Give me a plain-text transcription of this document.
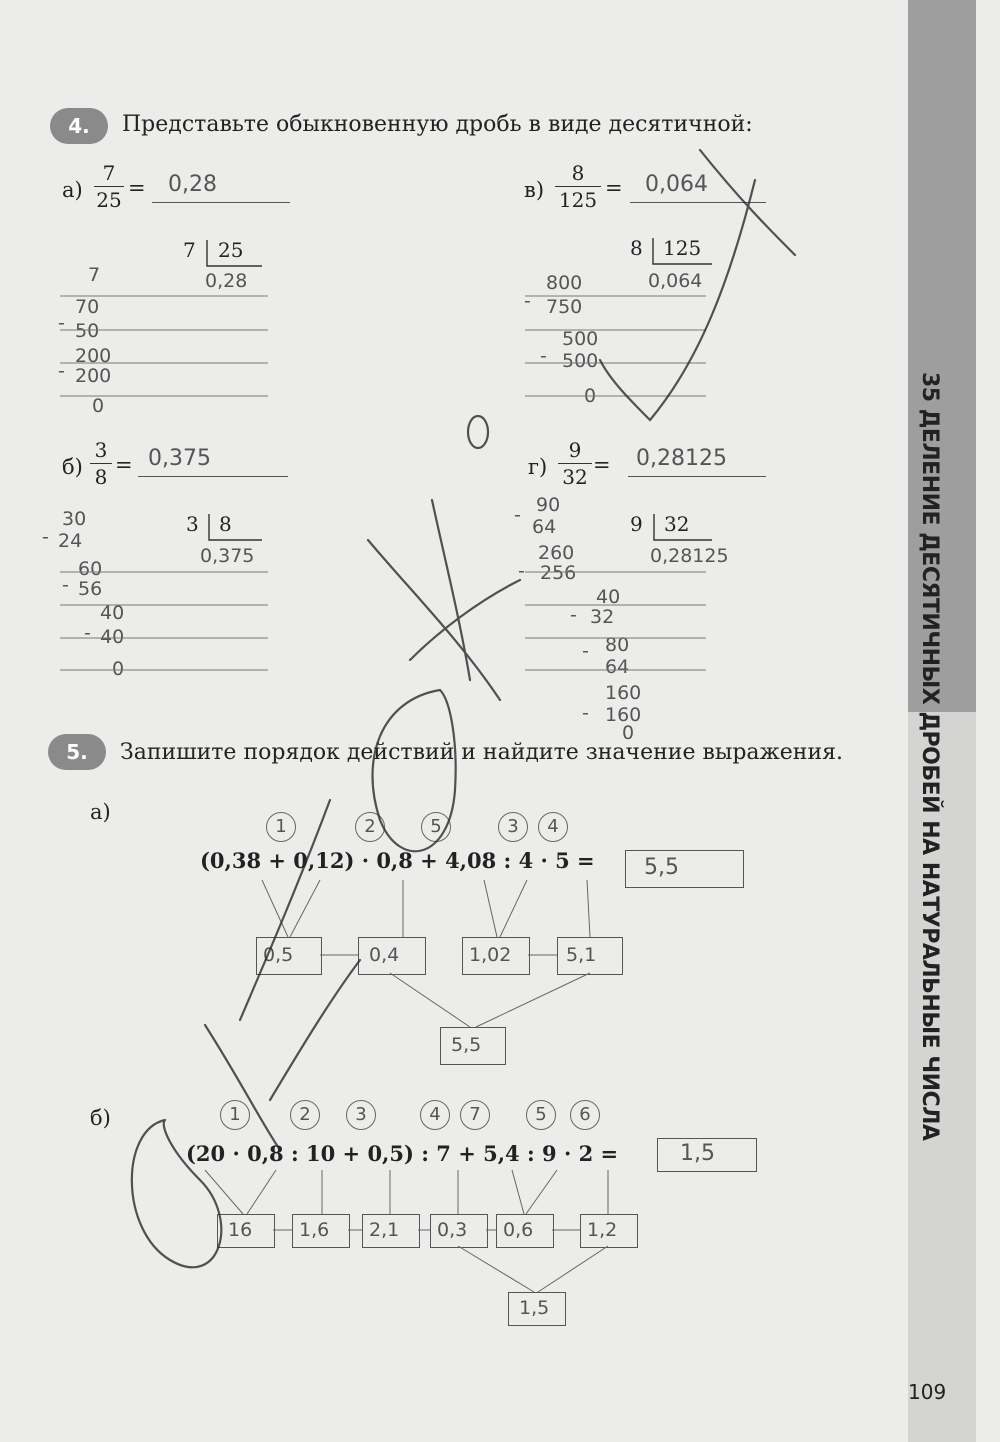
35 ДЕЛЕНИЕ ДЕСЯТИЧНЫХ ДРОБЕЙ НА НАТУРАЛЬНЫЕ ЧИСЛА
109
4.	Представьте обыкновенную дробь в виде десятичной:
$а) \frac{7}{25} = 0,28$
7 25
0,28
7
70
50
200
200
0
-
-
$б) \frac{3}{8} = 0,375$
3 8
0,375
30
24
60
56
40
40
0
-
-
-
$в) \frac{8}{125} = 0,064$
8 125
0,064
800
750
500
500
0
-
-
$г) \frac{9}{32} = 0,28125$
9 32
0,28125
90
64
260
256
40
32
80
64
160
160
0
-
-
-
-
-
5.	Запишите порядок действий и найдите значение выражения.
а)
1	2	5	3	4
(0,38 + 0,12) · 0,8 + 4,08 : 4 · 5 = 5,5
0,5	0,4	1,02	5,1
5,5
б)	1	2	3	4	7	5	6
(20 · 0,8 : 10 + 0,5) : 7 + 5,4 : 9 · 2 =	1,5
16 1,6 2,1 0,3 0,6	1,2
1,5
